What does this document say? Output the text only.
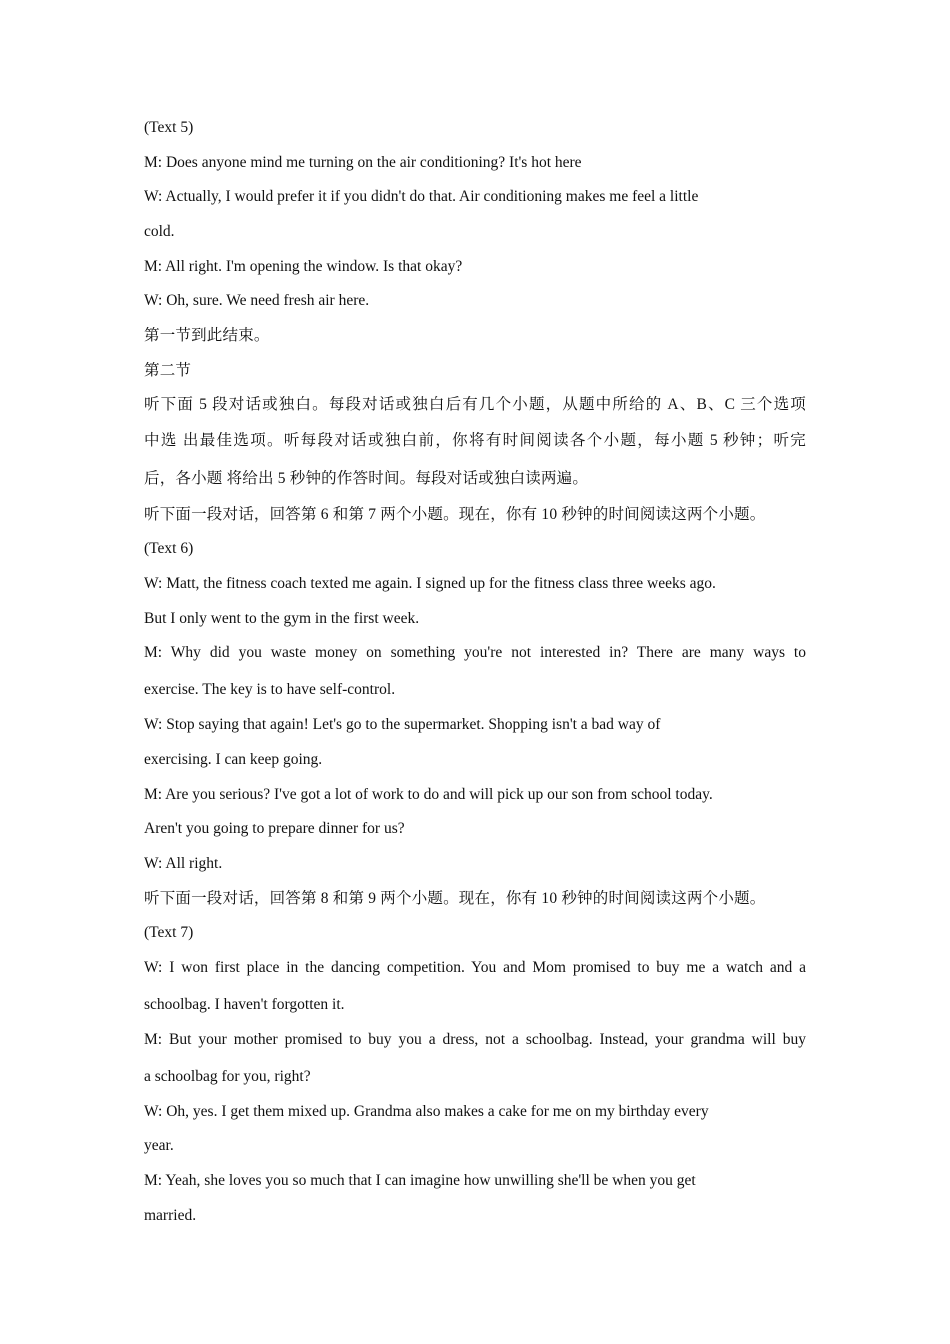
(Text 5)
M: Does anyone mind me turning on the air conditioning? It's hot here
W: Actually, I would prefer it if you didn't do that. Air conditioning makes me feel a little
cold.
M: All right. I'm opening the window. Is that okay?
W: Oh, sure. We need fresh air here.
第一节到此结束。
第二节
听下面 5 段对话或独白。每段对话或独白后有几个小题，从题中所给的 A、B、C 三个选项
中选 出最佳选项。听每段对话或独白前，你将有时间阅读各个小题，每小题 5 秒钟；听完
后，各小题 将给出 5 秒钟的作答时间。每段对话或独白读两遍。
听下面一段对话，回答第 6 和第 7 两个小题。现在，你有 10 秒钟的时间阅读这两个小题。
(Text 6)
W: Matt, the fitness coach texted me again. I signed up for the fitness class three weeks ago.
But I only went to the gym in the first week.
M: Why did you waste money on something you're not interested in? There are many ways to
exercise. The key is to have self-control.
W: Stop saying that again! Let's go to the supermarket. Shopping isn't a bad way of
exercising. I can keep going.
M: Are you serious? I've got a lot of work to do and will pick up our son from school today.
Aren't you going to prepare dinner for us?
W: All right.
听下面一段对话，回答第 8 和第 9 两个小题。现在，你有 10 秒钟的时间阅读这两个小题。
(Text 7)
W: I won first place in the dancing competition. You and Mom promised to buy me a watch and a
schoolbag. I haven't forgotten it.
M: But your mother promised to buy you a dress, not a schoolbag. Instead, your grandma will buy
a schoolbag for you, right?
W: Oh, yes. I get them mixed up. Grandma also makes a cake for me on my birthday every
year.
M: Yeah, she loves you so much that I can imagine how unwilling she'll be when you get
married.
